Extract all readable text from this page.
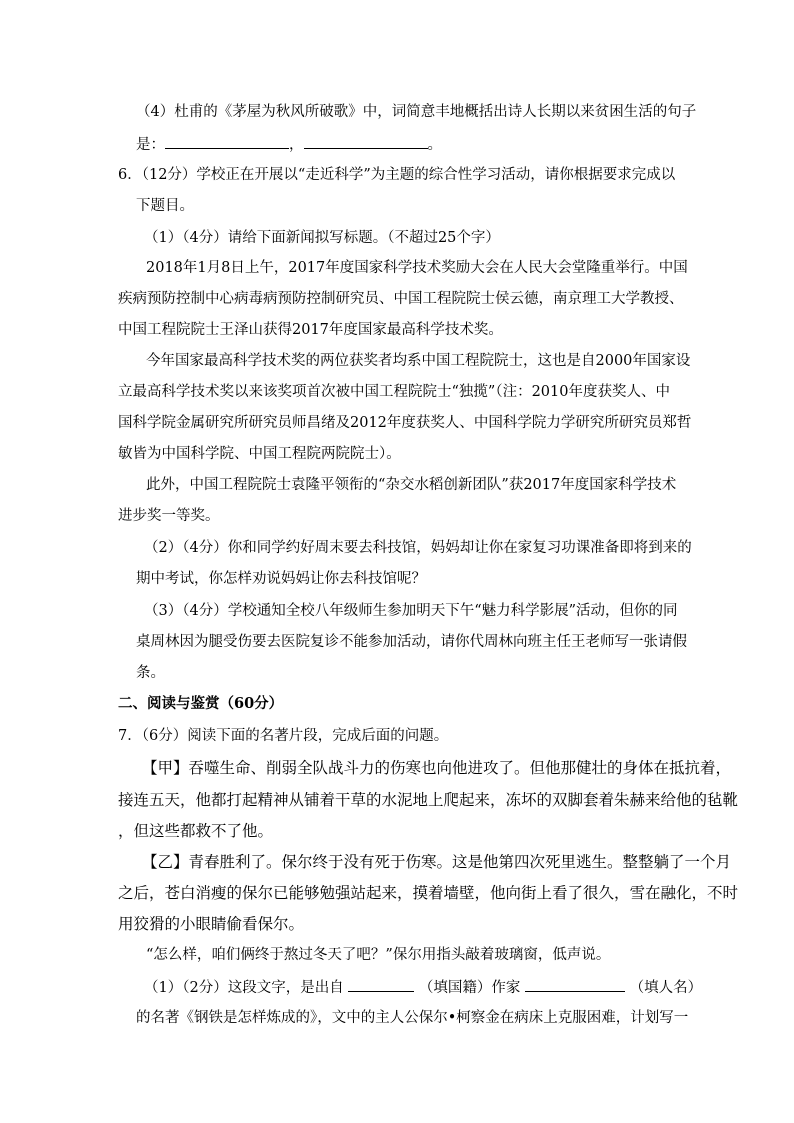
（4）杜甫的《茅屋为秋风所破歌》中，词简意丰地概括出诗人长期以来贫困生活的句子
是：	，	。
6．（12分）学校正在开展以“走近科学”为主题的综合性学习活动，请你根据要求完成以
下题目。
（1）（4分）请给下面新闻拟写标题。（不超过25个字）
2018年1月8日上午，2017年度国家科学技术奖励大会在人民大会堂隆重举行。中国
疾病预防控制中心病毒病预防控制研究员、中国工程院院士侯云德，南京理工大学教授、
中国工程院院士王泽山获得2017年度国家最高科学技术奖。
今年国家最高科学技术奖的两位获奖者均系中国工程院院士，这也是自2000年国家设
立最高科学技术奖以来该奖项首次被中国工程院院士“独揽”（注：2010年度获奖人、中
国科学院金属研究所研究员师昌绪及2012年度获奖人、中国科学院力学研究所研究员郑哲
敏皆为中国科学院、中国工程院两院院士）。
此外，中国工程院院士袁隆平领衔的“杂交水稻创新团队”获2017年度国家科学技术
进步奖一等奖。
（2）（4分）你和同学约好周末要去科技馆，妈妈却让你在家复习功课准备即将到来的
期中考试，你怎样劝说妈妈让你去科技馆呢？
（3）（4分）学校通知全校八年级师生参加明天下午“魅力科学影展”活动，但你的同
桌周林因为腿受伤要去医院复诊不能参加活动，请你代周林向班主任王老师写一张请假
条。
二、阅读与鉴赏（60分）
7．（6分）阅读下面的名著片段，完成后面的问题。
【甲】吞噬生命、削弱全队战斗力的伤寒也向他进攻了。但他那健壮的身体在抵抗着，
接连五天，他都打起精神从铺着干草的水泥地上爬起来，冻坏的双脚套着朱赫来给他的毡靴
，但这些都救不了他。
【乙】青春胜利了。保尔终于没有死于伤寒。这是他第四次死里逃生。整整躺了一个月
之后，苍白消瘦的保尔已能够勉强站起来，摸着墙壁，他向街上看了很久，雪在融化，不时
用狡猾的小眼睛偷看保尔。
“怎么样，咱们俩终于熬过冬天了吧？”保尔用指头敲着玻璃窗，低声说。
（1）（2分）这段文字，是出自	（填国籍）作家	（填人名）
的名著《钢铁是怎样炼成的》，文中的主人公保尔•柯察金在病床上克服困难，计划写一
